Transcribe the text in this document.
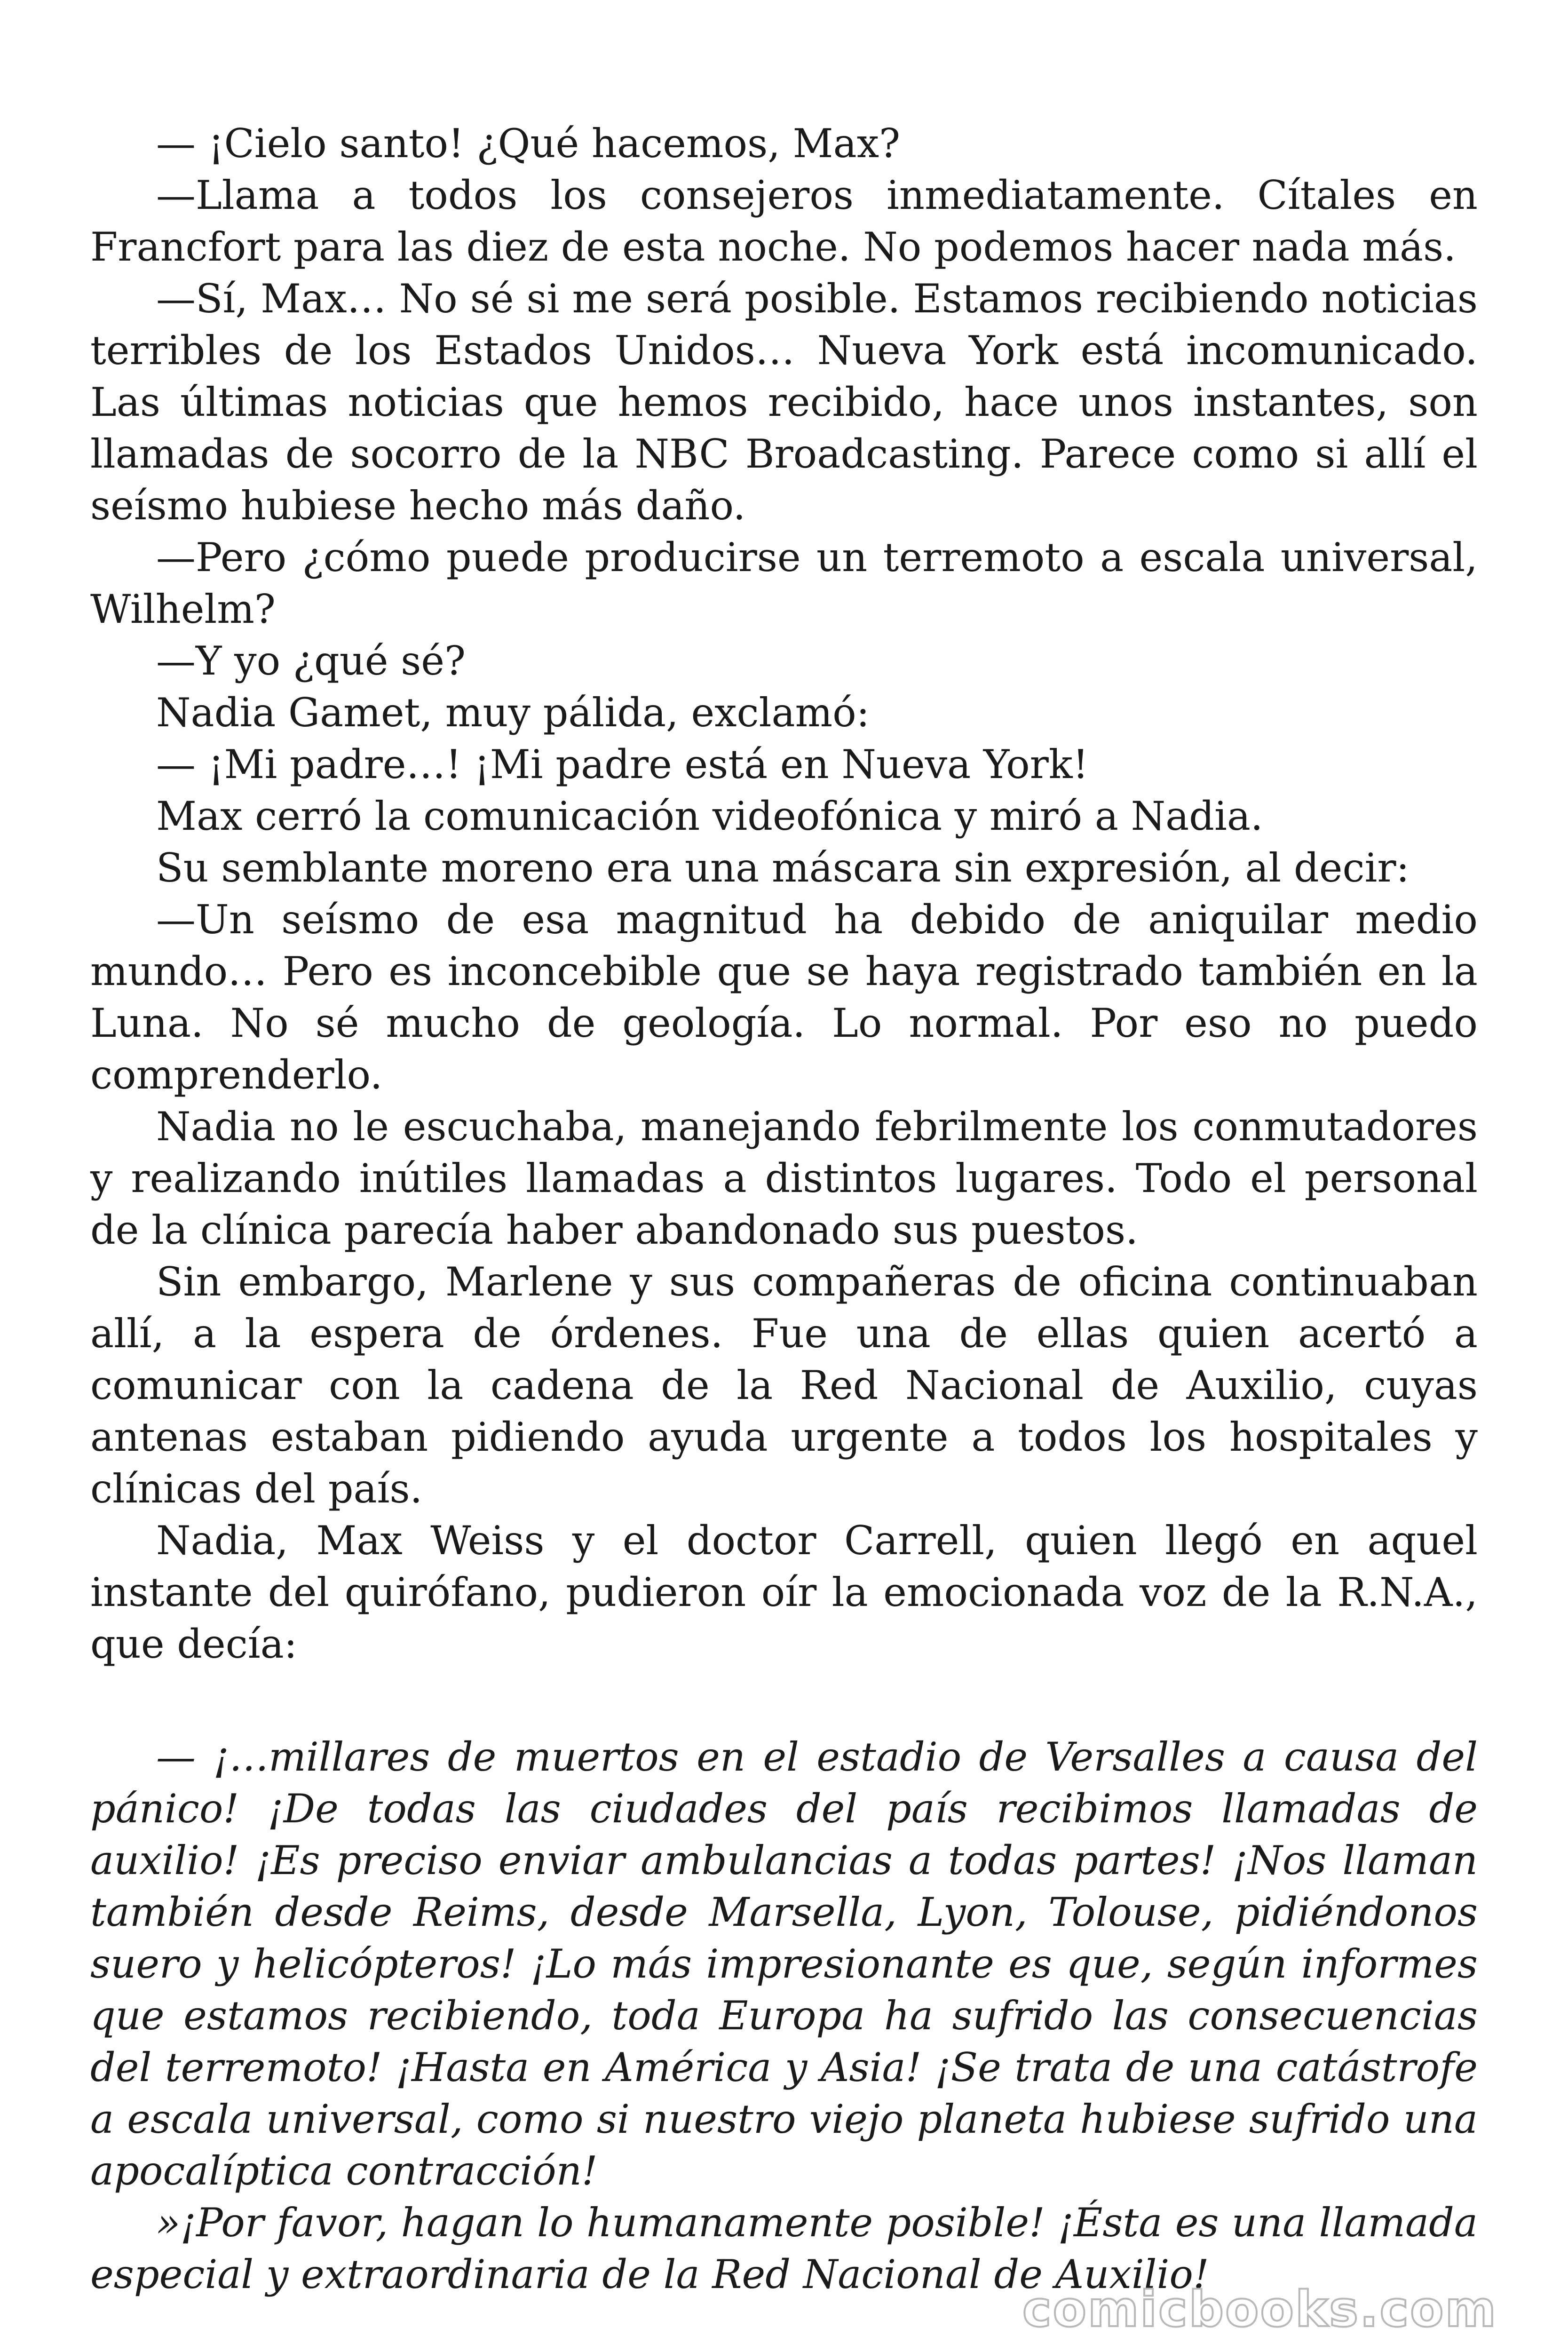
— ¡Cielo santo! ¿Qué hacemos, Max?

—Llama a todos los consejeros inmediatamente. Cítales en Francfort para las diez de esta noche. No podemos hacer nada más.

—Sí, Max… No sé si me será posible. Estamos recibiendo noticias terribles de los Estados Unidos… Nueva York está incomunicado. Las últimas noticias que hemos recibido, hace unos instantes, son llamadas de socorro de la NBC Broadcasting. Parece como si allí el seísmo hubiese hecho más daño.

—Pero ¿cómo puede producirse un terremoto a escala universal, Wilhelm?

—Y yo ¿qué sé?

Nadia Gamet, muy pálida, exclamó:

— ¡Mi padre…! ¡Mi padre está en Nueva York!

Max cerró la comunicación videofónica y miró a Nadia.

Su semblante moreno era una máscara sin expresión, al decir:

—Un seísmo de esa magnitud ha debido de aniquilar medio mundo… Pero es inconcebible que se haya registrado también en la Luna. No sé mucho de geología. Lo normal. Por eso no puedo comprenderlo.

Nadia no le escuchaba, manejando febrilmente los conmutadores y realizando inútiles llamadas a distintos lugares. Todo el personal de la clínica parecía haber abandonado sus puestos.

Sin embargo, Marlene y sus compañeras de oficina continuaban allí, a la espera de órdenes. Fue una de ellas quien acertó a comunicar con la cadena de la Red Nacional de Auxilio, cuyas antenas estaban pidiendo ayuda urgente a todos los hospitales y clínicas del país.

Nadia, Max Weiss y el doctor Carrell, quien llegó en aquel instante del quirófano, pudieron oír la emocionada voz de la R.N.A., que decía:

— ¡…millares de muertos en el estadio de Versalles a causa del pánico! ¡De todas las ciudades del país recibimos llamadas de auxilio! ¡Es preciso enviar ambulancias a todas partes! ¡Nos llaman también desde Reims, desde Marsella, Lyon, Tolouse, pidiéndonos suero y helicópteros! ¡Lo más impresionante es que, según informes que estamos recibiendo, toda Europa ha sufrido las consecuencias del terremoto! ¡Hasta en América y Asia! ¡Se trata de una catástrofe a escala universal, como si nuestro viejo planeta hubiese sufrido una apocalíptica contracción!

»¡Por favor, hagan lo humanamente posible! ¡Ésta es una llamada especial y extraordinaria de la Red Nacional de Auxilio!

comicbooks.com
